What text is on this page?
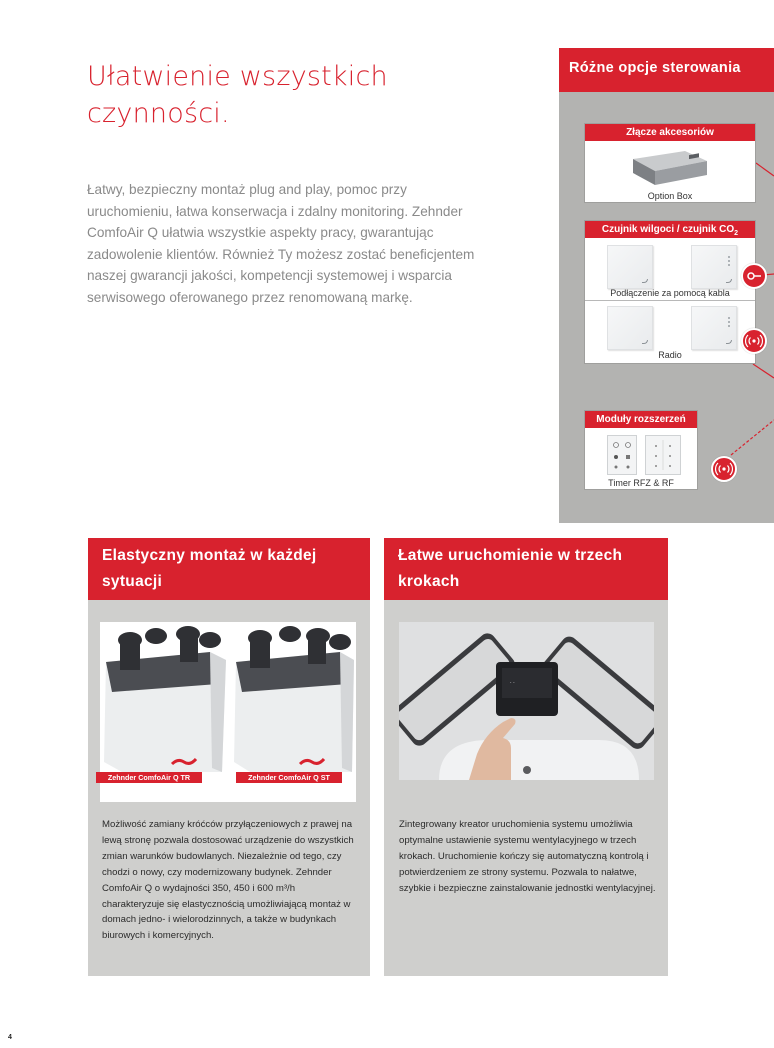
Ułatwienie wszystkich czynności.
Łatwy, bezpieczny montaż plug and play, pomoc przy uruchomieniu, łatwa konserwacja i zdalny monitoring. Zehnder ComfoAir Q ułatwia wszystkie aspekty pracy, gwarantując zadowolenie klientów. Również Ty możesz zostać beneficjentem naszej gwarancji jakości, kompetencji systemowej i wsparcia serwisowego oferowanego przez renomowaną markę.
Różne opcje sterowania
Złącze akcesoriów
Option Box
Czujnik wilgoci / czujnik $CO_2$
Podłączenie za pomocą kabla
Radio
Moduły rozszerzeń
Timer RFZ & RF
Elastyczny montaż w każdej sytuacji
Zehnder ComfoAir Q TR	Zehnder ComfoAir Q ST
Możliwość zamiany króćców przyłączeniowych z prawej na lewą stronę pozwala dostosować urządzenie do wszystkich zmian warunków budowlanych. Niezależnie od tego, czy chodzi o nowy, czy modernizowany budynek. Zehnder ComfoAir Q o wydajności 350, 450 i 600 m³/h charakteryzuje się elastycznością umożliwiającą montaż w domach jedno- i wielorodzinnych, a także w budynkach biurowych i komercyjnych.
Łatwe uruchomienie w trzech krokach
· ·
Zintegrowany kreator uruchomienia systemu umożliwia optymalne ustawienie systemu wentylacyjnego w trzech krokach. Uruchomienie kończy się automatyczną kontrolą i potwierdzeniem ze strony systemu. Pozwala to nałatwe, szybkie i bezpieczne zainstalowanie jednostki wentylacyjnej.
4
